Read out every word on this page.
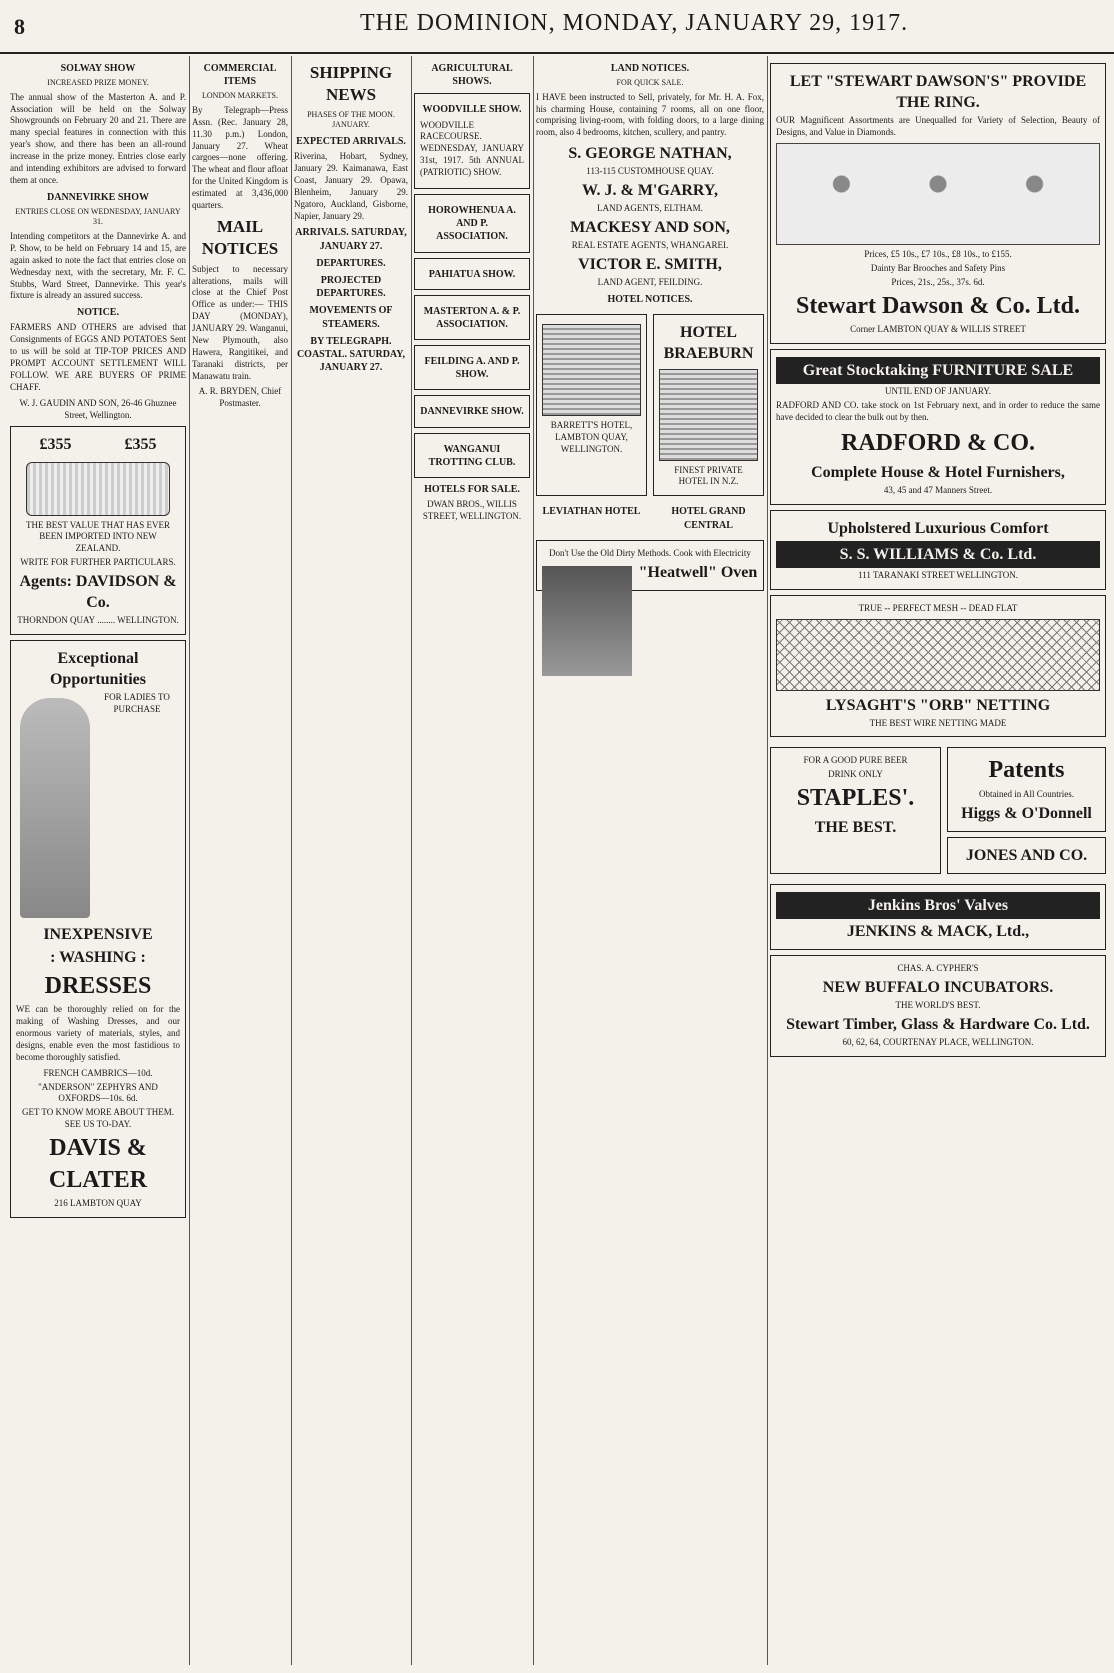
8	THE DOMINION, MONDAY, JANUARY 29, 1917.
SOLWAY SHOW
INCREASED PRIZE MONEY.

The annual show of the Masterton A. and P. Association will be held on the Solway Showgrounds on February 20 and 21. There are many special features in connection with this year's show, and there has been an all-round increase in the prize money. Entries close early and intending exhibitors are advised to forward them at once.

DANNEVIRKE SHOW
ENTRIES CLOSE ON WEDNESDAY, JANUARY 31.

Intending competitors at the Dannevirke A. and P. Show, to be held on February 14 and 15, are again asked to note the fact that entries close on Wednesday next, with the secretary, Mr. F. C. Stubbs, Ward Street, Dannevirke. This year's fixture is already an assured success.

NOTICE.

FARMERS AND OTHERS are advised that Consignments of EGGS AND POTATOES Sent to us will be sold at TIP-TOP PRICES AND PROMPT ACCOUNT SETTLEMENT WILL FOLLOW. WE ARE BUYERS OF PRIME CHAFF.

W. J. GAUDIN AND SON, 26-46 Ghuznee Street, Wellington.
£355	£355
THE BEST VALUE THAT HAS EVER BEEN IMPORTED INTO NEW ZEALAND.
WRITE FOR FURTHER PARTICULARS.
Agents: DAVIDSON & Co.
THORNDON QUAY ........ WELLINGTON.
Exceptional Opportunities
FOR LADIES TO PURCHASE
INEXPENSIVE
: WASHING :
DRESSES

WE can be thoroughly relied on for the making of Washing Dresses, and our enormous variety of materials, styles, and designs, enable even the most fastidious to become thoroughly satisfied.

FRENCH CAMBRICS—10d.
"ANDERSON" ZEPHYRS AND OXFORDS—10s. 6d.
GET TO KNOW MORE ABOUT THEM. SEE US TO-DAY.
DAVIS & CLATER
216 LAMBTON QUAY
COMMERCIAL ITEMS
LONDON MARKETS.

By Telegraph—Press Assn. (Rec. January 28, 11.30 p.m.) London, January 27. Wheat cargoes—none offering. The wheat and flour afloat for the United Kingdom is estimated at 3,436,000 quarters.

MAIL NOTICES

Subject to necessary alterations, mails will close at the Chief Post Office as under:— THIS DAY (MONDAY), JANUARY 29. Wanganui, New Plymouth, also Hawera, Rangitikei, and Taranaki districts, per Manawatu train.

A. R. BRYDEN, Chief Postmaster.
SHIPPING NEWS
PHASES OF THE MOON. JANUARY.
EXPECTED ARRIVALS.

Riverina, Hobart, Sydney, January 29. Kaimanawa, East Coast, January 29. Opawa, Blenheim, January 29. Ngatoro, Auckland, Gisborne, Napier, January 29.

ARRIVALS. SATURDAY, JANUARY 27.
DEPARTURES.
PROJECTED DEPARTURES.
MOVEMENTS OF STEAMERS.
BY TELEGRAPH. COASTAL. SATURDAY, JANUARY 27.
AGRICULTURAL SHOWS.
WOODVILLE SHOW.

WOODVILLE RACECOURSE. WEDNESDAY, JANUARY 31st, 1917. 5th ANNUAL (PATRIOTIC) SHOW.

HOROWHENUA A. AND P. ASSOCIATION.
PAHIATUA SHOW.
MASTERTON A. & P. ASSOCIATION.
FEILDING A. AND P. SHOW.
DANNEVIRKE SHOW.
WANGANUI TROTTING CLUB.
HOTELS FOR SALE.
DWAN BROS., WILLIS STREET, WELLINGTON.
LAND NOTICES.
FOR QUICK SALE.

I HAVE been instructed to Sell, privately, for Mr. H. A. Fox, his charming House, containing 7 rooms, all on one floor, comprising living-room, with folding doors, to a large dining room, also 4 bedrooms, kitchen, scullery, and pantry.

S. GEORGE NATHAN,
113-115 CUSTOMHOUSE QUAY.
W. J. & M'GARRY,
LAND AGENTS, ELTHAM.
MACKESY AND SON,
REAL ESTATE AGENTS, WHANGAREI.
VICTOR E. SMITH,
LAND AGENT, FEILDING.
HOTEL NOTICES.
BARRETT'S HOTEL, LAMBTON QUAY, WELLINGTON.
HOTEL BRAEBURN
FINEST PRIVATE HOTEL IN N.Z.
LEVIATHAN HOTEL	HOTEL GRAND CENTRAL
Don't Use the Old Dirty Methods. Cook with Electricity
"Heatwell" Oven
LET "STEWART DAWSON'S" PROVIDE THE RING.

OUR Magnificent Assortments are Unequalled for Variety of Selection, Beauty of Designs, and Value in Diamonds.

Prices, £5 10s., £7 10s., £8 10s., to £155.
Dainty Bar Brooches and Safety Pins
Prices, 21s., 25s., 37s. 6d.
Stewart Dawson & Co. Ltd.
Corner LAMBTON QUAY & WILLIS STREET
Great Stocktaking FURNITURE SALE
UNTIL END OF JANUARY.

RADFORD AND CO. take stock on 1st February next, and in order to reduce the same have decided to clear the bulk out by then.

RADFORD & CO.
Complete House & Hotel Furnishers,
43, 45 and 47 Manners Street.
Upholstered Luxurious Comfort
S. S. WILLIAMS & Co. Ltd.
111 TARANAKI STREET WELLINGTON.
TRUE -- PERFECT MESH -- DEAD FLAT
LYSAGHT'S "ORB" NETTING
THE BEST WIRE NETTING MADE
FOR A GOOD PURE BEER
DRINK ONLY
STAPLES'.
THE BEST.
Patents
Obtained in All Countries.
Higgs & O'Donnell
JONES AND CO.
Jenkins Bros' Valves
JENKINS & MACK, Ltd.,
CHAS. A. CYPHER'S
NEW BUFFALO INCUBATORS.
THE WORLD'S BEST.
Stewart Timber, Glass & Hardware Co. Ltd.
60, 62, 64, COURTENAY PLACE, WELLINGTON.
